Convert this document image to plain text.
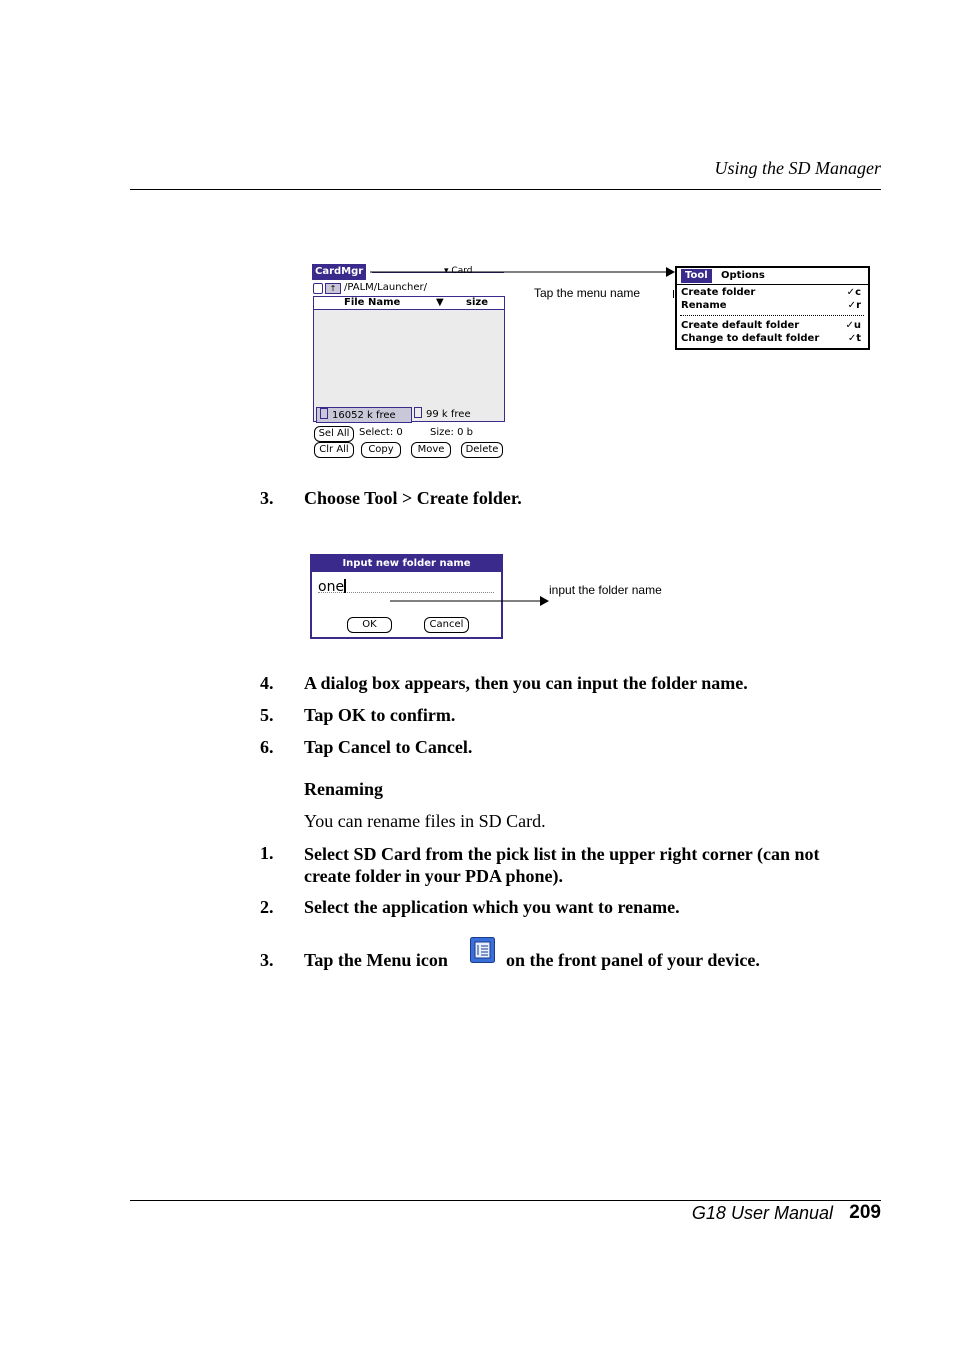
Using the SD Manager
CardMgr	▾ Card
↑ /PALM/Launcher/
File Name	▼ size
16052 k free	99 k free
Sel All Select: 0	Size: 0 b
Clr All	Copy	Move	Delete
Tap the menu name
Tool	Options
Create folder	✓c
Rename	✓r
Create default folder	✓u
Change to default folder	✓t
3. Choose Tool > Create folder.
Input new folder name
one
OK	Cancel
input the folder name
4. A dialog box appears, then you can input the folder name.
5. Tap OK to confirm.
6. Tap Cancel to Cancel.
Renaming
You can rename files in SD Card.
1. Select SD Card from the pick list in the upper right corner (can not create folder in your PDA phone).
2. Select the application which you want to rename.
3. Tap the Menu icon	on the front panel of your device.
G18 User Manual 209
